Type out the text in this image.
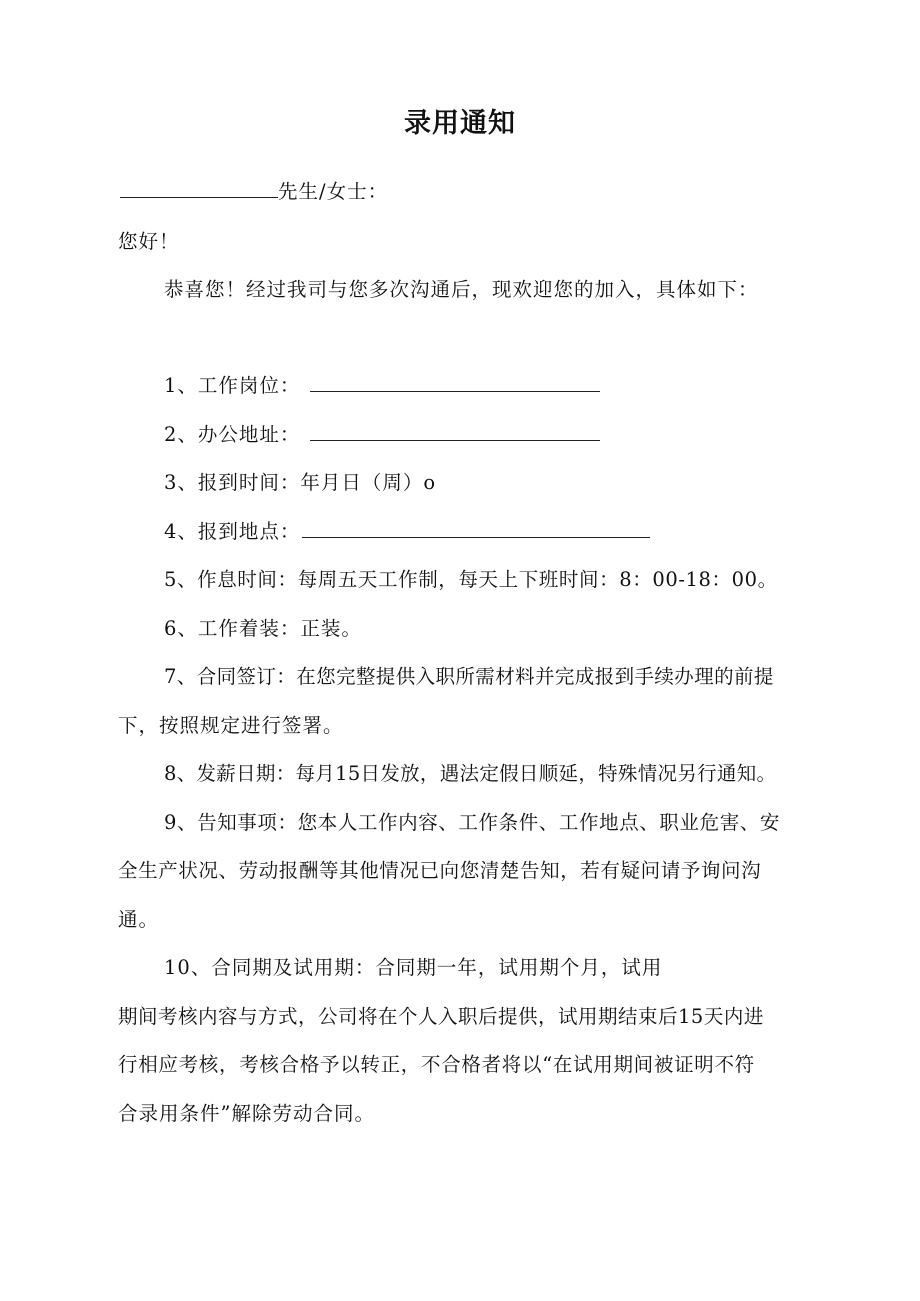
录用通知
先生/女士：
您好！
恭喜您！经过我司与您多次沟通后，现欢迎您的加入，具体如下：
1、工作岗位：
2、办公地址：
3、报到时间：年月日（周）o
4、报到地点：
5、作息时间：每周五天工作制，每天上下班时间：8：00-18：00。
6、工作着装：正装。
7、合同签订：在您完整提供入职所需材料并完成报到手续办理的前提
下，按照规定进行签署。
8、发薪日期：每月15日发放，遇法定假日顺延，特殊情况另行通知。
9、告知事项：您本人工作内容、工作条件、工作地点、职业危害、安
全生产状况、劳动报酬等其他情况已向您清楚告知，若有疑问请予询问沟
通。
10、合同期及试用期：合同期一年，试用期个月，试用
期间考核内容与方式，公司将在个人入职后提供，试用期结束后15天内进
行相应考核，考核合格予以转正，不合格者将以“在试用期间被证明不符
合录用条件”解除劳动合同。
